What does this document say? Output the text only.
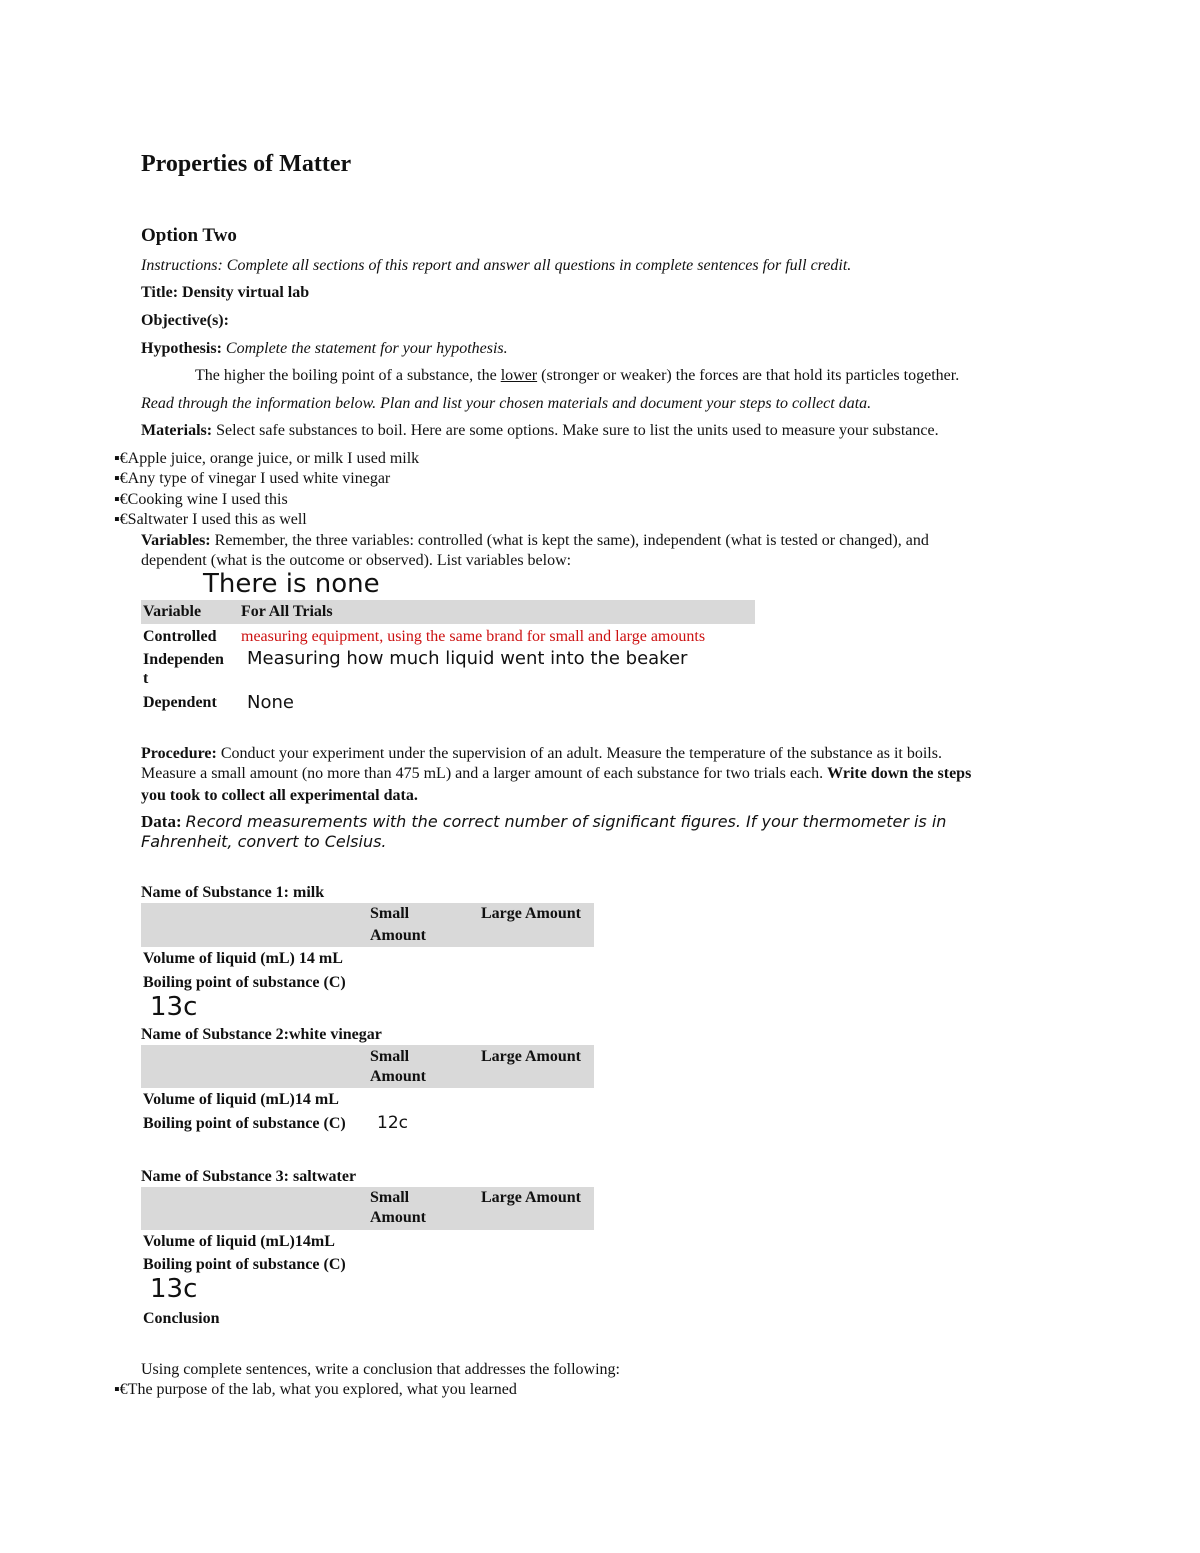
Properties of Matter
Option Two
Instructions: Complete all sections of this report and answer all questions in complete sentences for full credit.
Title: Density virtual lab
Objective(s):
Hypothesis: Complete the statement for your hypothesis.
The higher the boiling point of a substance, the lower (stronger or weaker) the forces are that hold its particles together.
Read through the information below. Plan and list your chosen materials and document your steps to collect data.
Materials: Select safe substances to boil. Here are some options. Make sure to list the units used to measure your substance.
▪€Apple juice, orange juice, or milk I used milk
▪€Any type of vinegar I used white vinegar
▪€Cooking wine I used this
▪€Saltwater I used this as well
Variables: Remember, the three variables: controlled (what is kept the same), independent (what is tested or changed), and
dependent (what is the outcome or observed). List variables below:
There is none
Variable For All Trials
Controlled measuring equipment, using the same brand for small and large amounts
Independen
t
Measuring how much liquid went into the beaker
Dependent None
Procedure: Conduct your experiment under the supervision of an adult. Measure the temperature of the substance as it boils.
Measure a small amount (no more than 475 mL) and a larger amount of each substance for two trials each. Write down the steps
you took to collect all experimental data.
Data: Record measurements with the correct number of significant figures. If your thermometer is in
Fahrenheit, convert to Celsius.
Name of Substance 1: milk
Small
Amount
Large Amount
Volume of liquid (mL) 14 mL
Boiling point of substance (C)
13c
Name of Substance 2:white vinegar
Small
Amount
Large Amount
Volume of liquid (mL)14 mL
Boiling point of substance (C) 12c
Name of Substance 3: saltwater
Small
Amount
Large Amount
Volume of liquid (mL)14mL
Boiling point of substance (C)
13c
Conclusion
Using complete sentences, write a conclusion that addresses the following:
▪€The purpose of the lab, what you explored, what you learned
